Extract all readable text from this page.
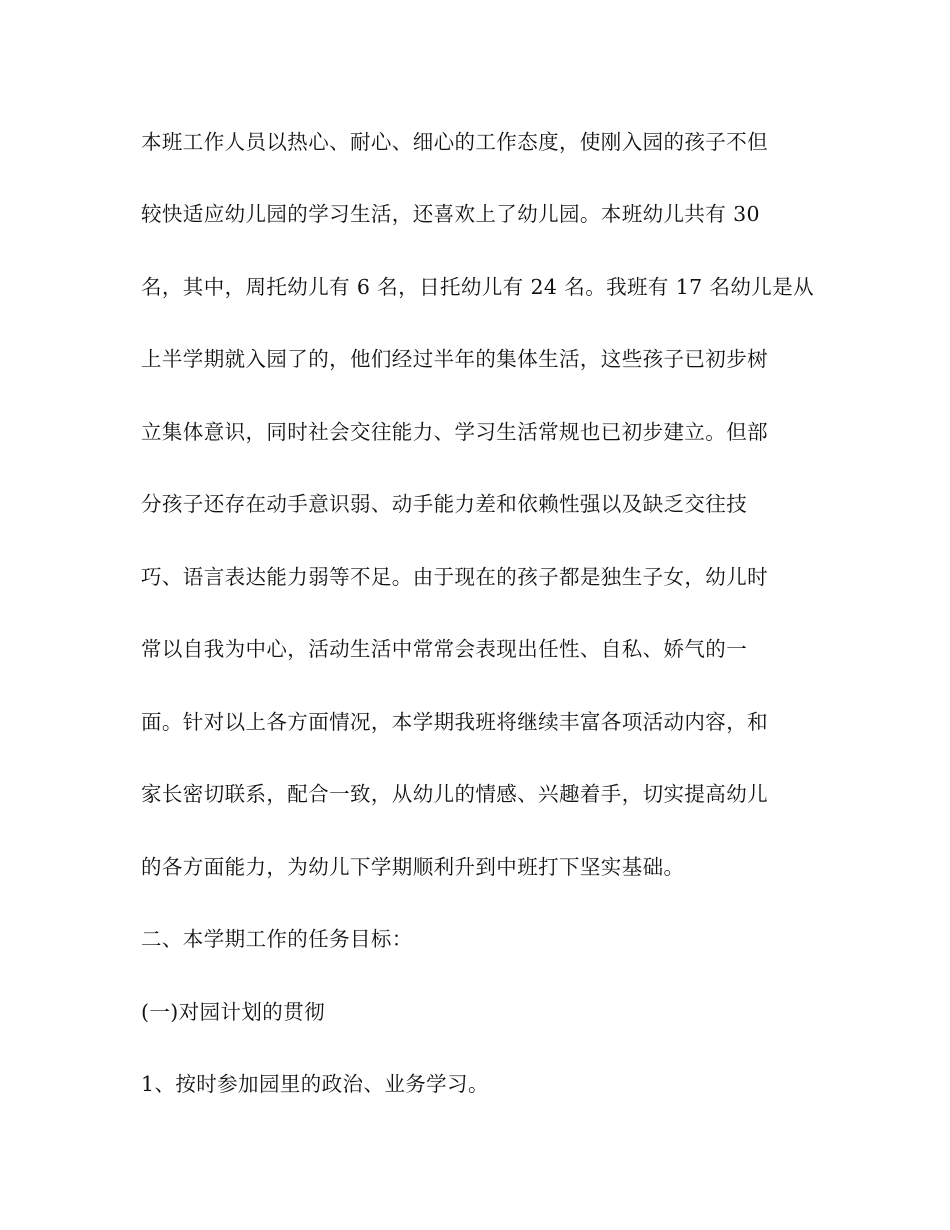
本班工作人员以热心、耐心、细心的工作态度，使刚入园的孩子不但
较快适应幼儿园的学习生活，还喜欢上了幼儿园。本班幼儿共有 30
名，其中，周托幼儿有 6 名，日托幼儿有 24 名。我班有 17 名幼儿是从
上半学期就入园了的，他们经过半年的集体生活，这些孩子已初步树
立集体意识，同时社会交往能力、学习生活常规也已初步建立。但部
分孩子还存在动手意识弱、动手能力差和依赖性强以及缺乏交往技
巧、语言表达能力弱等不足。由于现在的孩子都是独生子女，幼儿时
常以自我为中心，活动生活中常常会表现出任性、自私、娇气的一
面。针对以上各方面情况，本学期我班将继续丰富各项活动内容，和
家长密切联系，配合一致，从幼儿的情感、兴趣着手，切实提高幼儿
的各方面能力，为幼儿下学期顺利升到中班打下坚实基础。
二、本学期工作的任务目标：
(一)对园计划的贯彻
1、按时参加园里的政治、业务学习。
